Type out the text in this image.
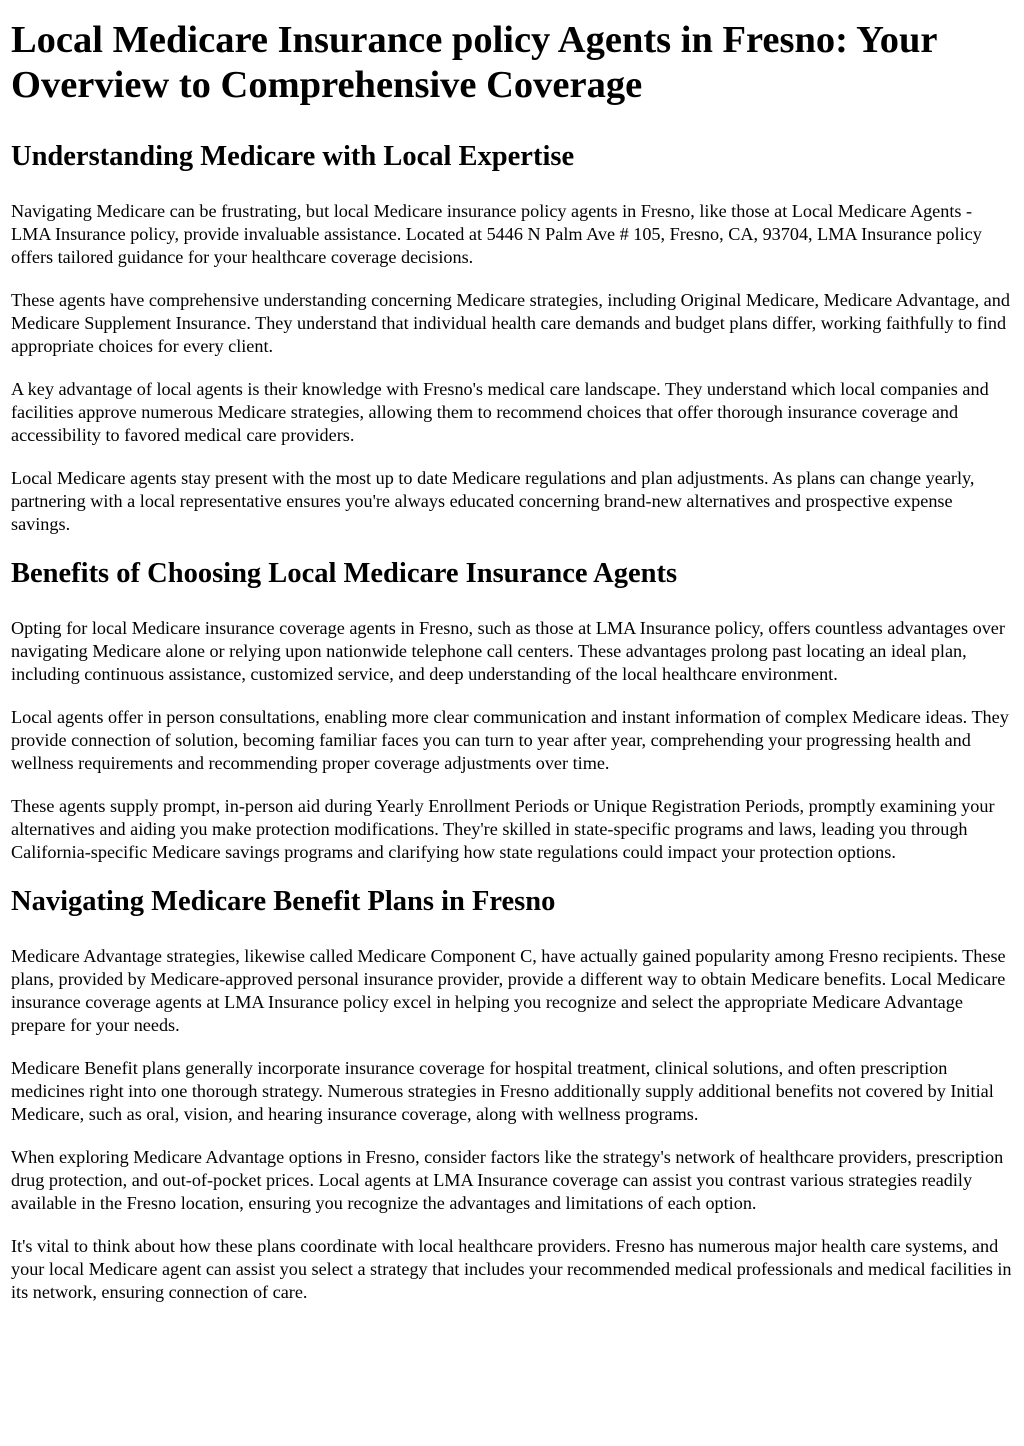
Local Medicare Insurance policy Agents in Fresno: Your Overview to Comprehensive Coverage
Understanding Medicare with Local Expertise

Navigating Medicare can be frustrating, but local Medicare insurance policy agents in Fresno, like those at Local Medicare Agents - LMA Insurance policy, provide invaluable assistance. Located at 5446 N Palm Ave # 105, Fresno, CA, 93704, LMA Insurance policy offers tailored guidance for your healthcare coverage decisions.

These agents have comprehensive understanding concerning Medicare strategies, including Original Medicare, Medicare Advantage, and Medicare Supplement Insurance. They understand that individual health care demands and budget plans differ, working faithfully to find appropriate choices for every client.

A key advantage of local agents is their knowledge with Fresno's medical care landscape. They understand which local companies and facilities approve numerous Medicare strategies, allowing them to recommend choices that offer thorough insurance coverage and accessibility to favored medical care providers.

Local Medicare agents stay present with the most up to date Medicare regulations and plan adjustments. As plans can change yearly, partnering with a local representative ensures you're always educated concerning brand-new alternatives and prospective expense savings.

Benefits of Choosing Local Medicare Insurance Agents

Opting for local Medicare insurance coverage agents in Fresno, such as those at LMA Insurance policy, offers countless advantages over navigating Medicare alone or relying upon nationwide telephone call centers. These advantages prolong past locating an ideal plan, including continuous assistance, customized service, and deep understanding of the local healthcare environment.

Local agents offer in person consultations, enabling more clear communication and instant information of complex Medicare ideas. They provide connection of solution, becoming familiar faces you can turn to year after year, comprehending your progressing health and wellness requirements and recommending proper coverage adjustments over time.

These agents supply prompt, in-person aid during Yearly Enrollment Periods or Unique Registration Periods, promptly examining your alternatives and aiding you make protection modifications. They're skilled in state-specific programs and laws, leading you through California-specific Medicare savings programs and clarifying how state regulations could impact your protection options.

Navigating Medicare Benefit Plans in Fresno

Medicare Advantage strategies, likewise called Medicare Component C, have actually gained popularity among Fresno recipients. These plans, provided by Medicare-approved personal insurance provider, provide a different way to obtain Medicare benefits. Local Medicare insurance coverage agents at LMA Insurance policy excel in helping you recognize and select the appropriate Medicare Advantage prepare for your needs.

Medicare Benefit plans generally incorporate insurance coverage for hospital treatment, clinical solutions, and often prescription medicines right into one thorough strategy. Numerous strategies in Fresno additionally supply additional benefits not covered by Initial Medicare, such as oral, vision, and hearing insurance coverage, along with wellness programs.

When exploring Medicare Advantage options in Fresno, consider factors like the strategy's network of healthcare providers, prescription drug protection, and out-of-pocket prices. Local agents at LMA Insurance coverage can assist you contrast various strategies readily available in the Fresno location, ensuring you recognize the advantages and limitations of each option.

It's vital to think about how these plans coordinate with local healthcare providers. Fresno has numerous major health care systems, and your local Medicare agent can assist you select a strategy that includes your recommended medical professionals and medical facilities in its network, ensuring connection of care.
